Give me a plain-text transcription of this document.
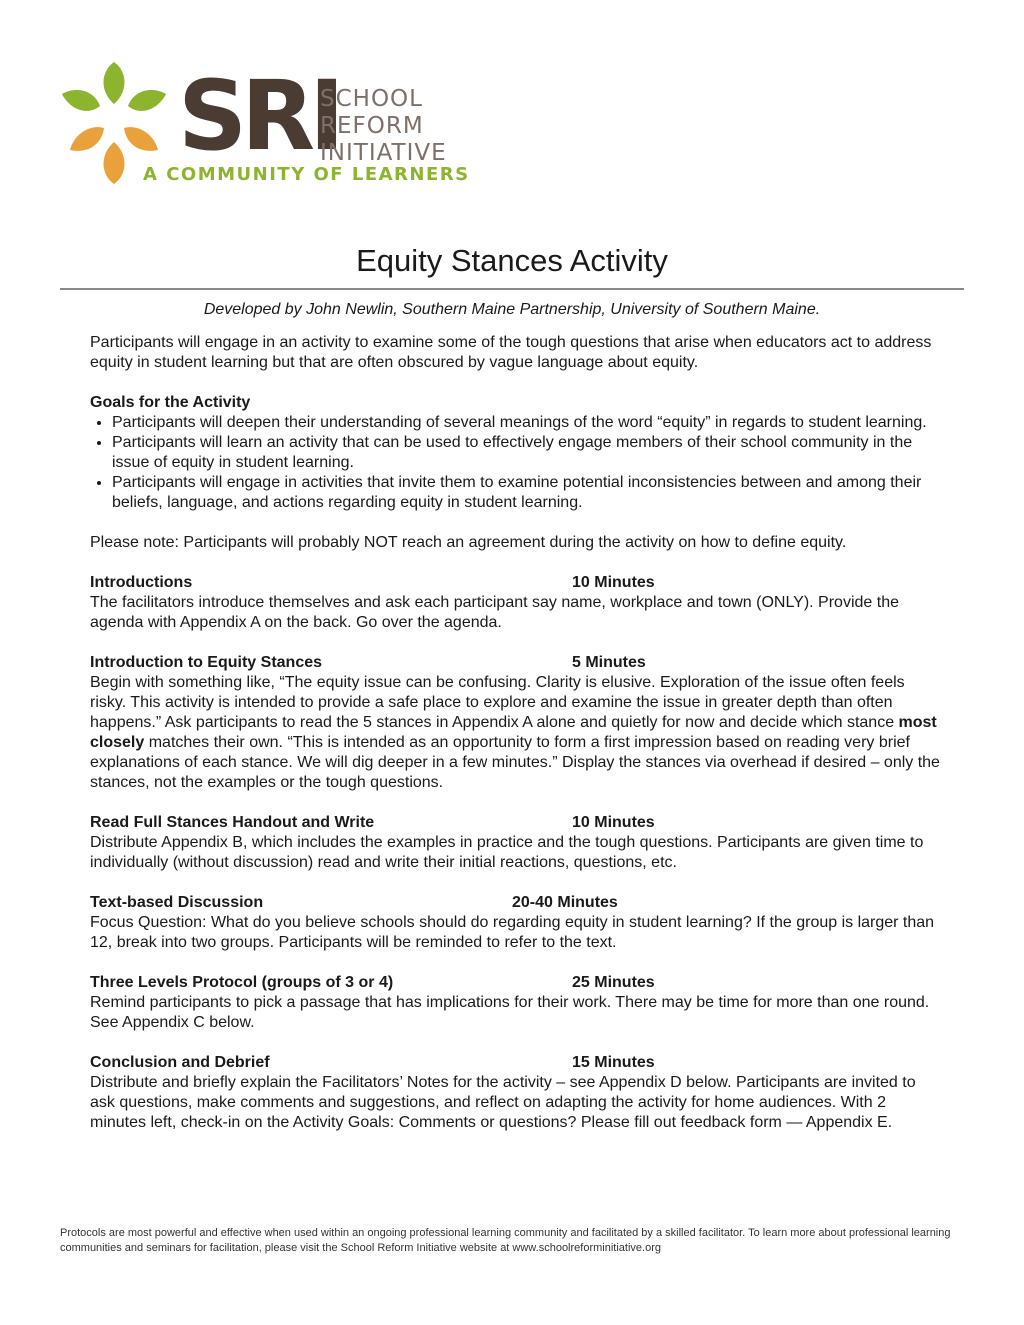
SRI
SCHOOL
REFORM
INITIATIVE
A COMMUNITY OF LEARNERS
Equity Stances Activity
Developed by John Newlin, Southern Maine Partnership, University of Southern Maine.

Participants will engage in an activity to examine some of the tough questions that arise when educators act to address equity in student learning but that are often obscured by vague language about equity.

Goals for the Activity
• Participants will deepen their understanding of several meanings of the word “equity” in regards to student learning.
• Participants will learn an activity that can be used to effectively engage members of their school community in the issue of equity in student learning.
• Participants will engage in activities that invite them to examine potential inconsistencies between and among their beliefs, language, and actions regarding equity in student learning.

Please note: Participants will probably NOT reach an agreement during the activity on how to define equity.

Introductions	10 Minutes

The facilitators introduce themselves and ask each participant say name, workplace and town (ONLY). Provide the agenda with Appendix A on the back. Go over the agenda.

Introduction to Equity Stances	5 Minutes

Begin with something like, “The equity issue can be confusing. Clarity is elusive. Exploration of the issue often feels risky. This activity is intended to provide a safe place to explore and examine the issue in greater depth than often happens.” Ask participants to read the 5 stances in Appendix A alone and quietly for now and decide which stance most closely matches their own. “This is intended as an opportunity to form a first impression based on reading very brief explanations of each stance. We will dig deeper in a few minutes.” Display the stances via overhead if desired – only the stances, not the examples or the tough questions.

Read Full Stances Handout and Write	10 Minutes

Distribute Appendix B, which includes the examples in practice and the tough questions. Participants are given time to individually (without discussion) read and write their initial reactions, questions, etc.

Text-based Discussion	20-40 Minutes

Focus Question: What do you believe schools should do regarding equity in student learning? If the group is larger than 12, break into two groups. Participants will be reminded to refer to the text.

Three Levels Protocol (groups of 3 or 4)	25 Minutes

Remind participants to pick a passage that has implications for their work. There may be time for more than one round. See Appendix C below.

Conclusion and Debrief	15 Minutes

Distribute and briefly explain the Facilitators’ Notes for the activity – see Appendix D below. Participants are invited to ask questions, make comments and suggestions, and reflect on adapting the activity for home audiences. With 2 minutes left, check-in on the Activity Goals: Comments or questions? Please fill out feedback form — Appendix E.

Protocols are most powerful and effective when used within an ongoing professional learning community and facilitated by a skilled facilitator. To learn more about professional learning communities and seminars for facilitation, please visit the School Reform Initiative website at www.schoolreforminitiative.org
